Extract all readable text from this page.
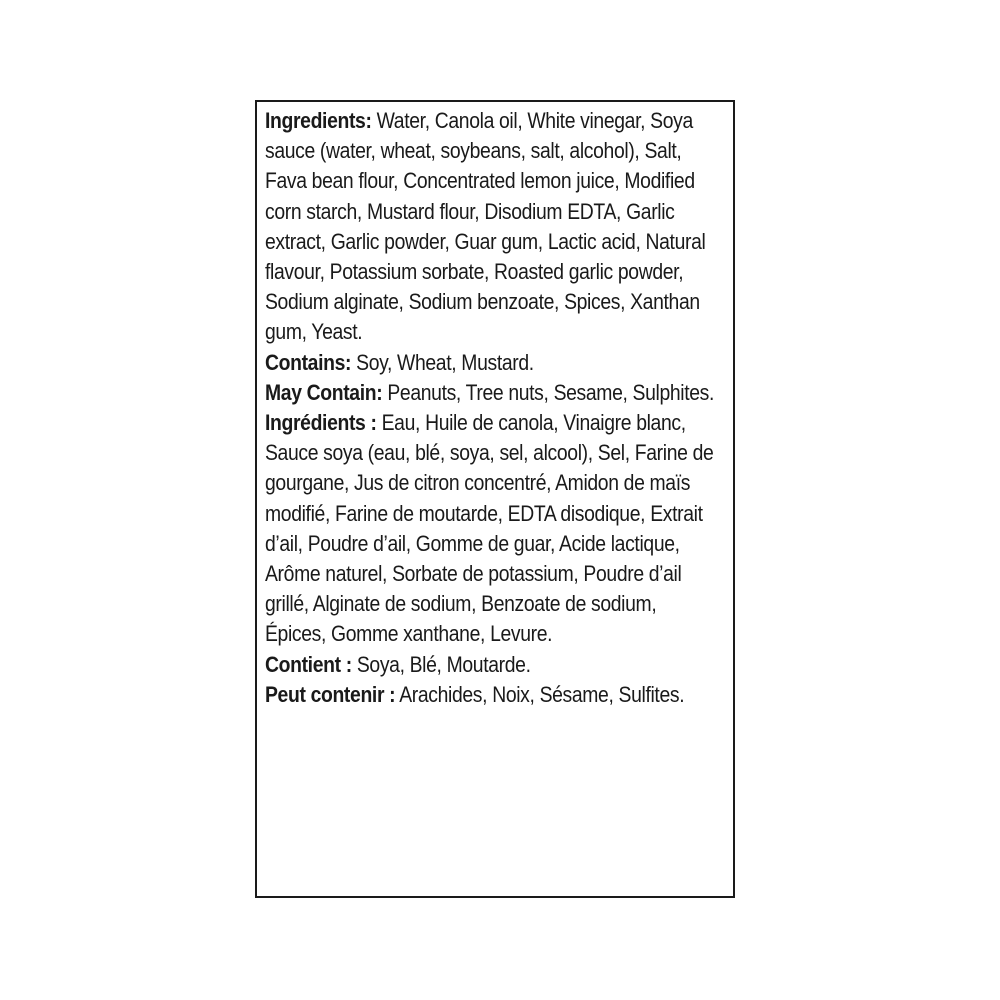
Ingredients: Water, Canola oil, White vinegar, Soya sauce (water, wheat, soybeans, salt, alcohol), Salt, Fava bean flour, Concentrated lemon juice, Modified corn starch, Mustard flour, Disodium EDTA, Garlic extract, Garlic powder, Guar gum, Lactic acid, Natural flavour, Potassium sorbate, Roasted garlic powder, Sodium alginate, Sodium benzoate, Spices, Xanthan gum, Yeast.

Contains: Soy, Wheat, Mustard.

May Contain: Peanuts, Tree nuts, Sesame, Sulphites.

Ingrédients : Eau, Huile de canola, Vinaigre blanc, Sauce soya (eau, blé, soya, sel, alcool), Sel, Farine de gourgane, Jus de citron concentré, Amidon de maïs modifié, Farine de moutarde, EDTA disodique, Extrait d’ail, Poudre d’ail, Gomme de guar, Acide lactique, Arôme naturel, Sorbate de potassium, Poudre d’ail grillé, Alginate de sodium, Benzoate de sodium, Épices, Gomme xanthane, Levure.

Contient : Soya, Blé, Moutarde.

Peut contenir : Arachides, Noix, Sésame, Sulfites.
